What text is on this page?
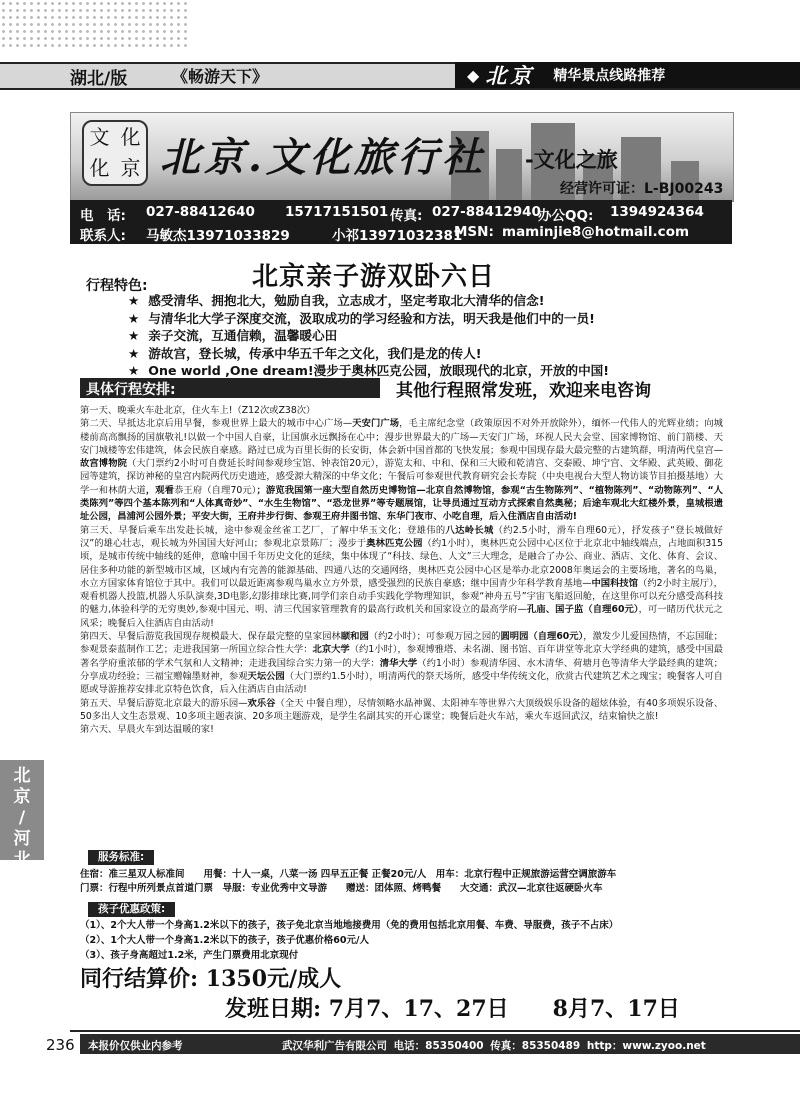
湖北/版	《畅游天下》	◆ 北京 精华景点线路推荐
文 化
化 京 北京.文化旅行社 -文化之旅
经营许可证：L-BJ00243
电　话: 027-88412640 15717151501 传真: 027-88412940
办公QQ: 1394924364
联系人: 马敏杰13971033829	小祁13971032381
MSN: maminjie8@hotmail.com
行程特色:	北京亲子游双卧六日
★ 感受清华、拥抱北大，勉励自我，立志成才，坚定考取北大清华的信念!
★ 与清华北大学子深度交流，汲取成功的学习经验和方法，明天我是他们中的一员!
★ 亲子交流，互通信赖，温馨暖心田
★ 游故宫，登长城，传承中华五千年之文化，我们是龙的传人!
★ One world ,One dream!漫步于奥林匹克公园，放眼现代的北京，开放的中国!
具体行程安排:	其他行程照常发班，欢迎来电咨询

第一天、晚乘火车赴北京，住火车上!（Z12次或Z38次）

第二天、早抵达北京后用早餐，参观世界上最大的城市中心广场—天安门广场，毛主席纪念堂（政策原因不对外开放除外），缅怀一代伟人的光辉业绩；向城楼前高高飘扬的国旗敬礼!以做一个中国人自豪，让国旗永远飘扬在心中；漫步世界最大的广场—天安门广场，环视人民大会堂、国家博物馆、前门箭楼、天安门城楼等宏伟建筑，体会民族自豪感。路过已成为百里长街的长安街，体会新中国首都的飞快发展；参观中国现存最大最完整的古建筑群，明清两代皇宫—故宫博物院（大门票约2小时可自费延长时间参观珍宝馆、钟表馆20元），游览太和、中和、保和三大殿和乾清宫、交泰殿、坤宁宫、文华殿、武英殿、御花园等建筑，探访神秘的皇宫内院两代历史遗迹，感受源大精深的中华文化；午餐后可参观世代教育研究会长寿院（中央电视台大型人物访谈节目拍摄基地）大学一和林荫大道，观看恭王府（自理70元）；游览我国第一座大型自然历史博物馆—北京自然博物馆，参观“古生物陈列”、“植物陈列”、“动物陈列”、“人类陈列”等四个基本陈列和“人体真奇妙”、“水生生物馆”、“恐龙世界”等专题展馆，让导员通过互动方式探索自然奥秘；后途车观北大红楼外景，皇城根遗址公园，昌浦河公园外景；平安大街，王府井步行街、参观王府井图书馆、东华门夜市、小吃自理，后入住酒店自由活动!

第三天、早餐后乘车出发赴长城，途中参观金丝雀工艺厂，了解中华玉文化；登雄伟的八达岭长城（约2.5小时，滑车自理60元），抒发孩子“登长城做好汉”的雄心壮志，观长城为外国国大好河山；参观北京景陈厂；漫步于奥林匹克公园（约1小时），奥林匹克公园中心区位于北京北中轴线端点，占地面积315顷，是城市传统中轴线的延伸，意喻中国千年历史文化的延续，集中体现了“科技、绿色、人文”三大理念，是融合了办公、商业、酒店、文化、体育、会议、居住多种功能的新型城市区域，区域内有完善的能源基础、四通八达的交通网络，奥林匹克公园中心区是举办北京2008年奥运会的主要场地，著名的鸟巢，水立方国家体育馆位于其中。我们可以最近距离参观鸟巢水立方外景，感受强烈的民族自豪感；继中国青少年科学教育基地—中国科技馆（约2小时主展厅），观看机器人投篮,机器人乐队演奏,3D电影,幻影排球比赛,同学们亲自动手实践化学物理知识，参观“神舟五号”宇宙飞船返回舱，在这里你可以充分感受高科技的魅力,体验科学的无穷奥妙,参观中国元、明、清三代国家管理教育的最高行政机关和国家设立的最高学府—孔庙、国子监（自理60元），可一睹历代状元之风采；晚餐后入住酒店自由活动!

第四天、早餐后游览我国现存规模最大、保存最完整的皇家园林颐和园（约2小时）；可参观万园之园的圆明园（自理60元），激发少儿爱国热情，不忘国耻；参观景泰蓝制作工艺；走进我国第一所国立综合性大学：北京大学（约1小时），参观博雅塔、未名湖、图书馆、百年讲堂等北京大学经典的建筑，感受中国最著名学府重浓郁的学术气氛和人文精神；走进我国综合实力第一的大学：清华大学（约1小时）参观清华园、水木清华、荷塘月色等清华大学最经典的建筑；分享成功经验；三福宝赠翰墨财神，参观天坛公园（大门票约1.5小时），明清两代的祭天场所，感受中华传统文化，欣赏古代建筑艺术之瑰宝；晚餐客人可自愿或导游推荐安排北京特色饮食，后入住酒店自由活动!

第五天、早餐后游览北京最大的游乐园—欢乐谷（全天 中餐自理），尽情领略水晶神翼、太阳神车等世界六大顶级娱乐设备的超炫体验，有40多项娱乐设备、50多出人文生态景观、10多项主题表演、20多项主题游戏，是学生名副其实的开心课堂；晚餐后赴火车站，乘火车返回武汉，结束愉快之旅!

第六天、早晨火车到达温暖的家!

北
京
/
河
北	服务标准:
住宿：准三星双人标准间　　用餐：十人一桌，八菜一汤 四早五正餐 正餐20元/人　用车：北京行程中正规旅游运营空调旅游车
门票：行程中所列景点首道门票　导服：专业优秀中文导游　　赠送：团体照、烤鸭餐　　大交通：武汉—北京往返硬卧火车
孩子优惠政策:
（1）、2个大人带一个身高1.2米以下的孩子，孩子免北京当地地接费用（免的费用包括北京用餐、车费、导服费，孩子不占床）
（2）、1个大人带一个身高1.2米以下的孩子，孩子优惠价格60元/人
（3）、孩子身高超过1.2米，产生门票费用北京现付
同行结算价: 1350元/成人
发班日期: 7月7、17、27日　　8月7、17日
236 本报价仅供业内参考	武汉华利广告有限公司 电话：85350400 传真：85350489 http：www.zyoo.net
